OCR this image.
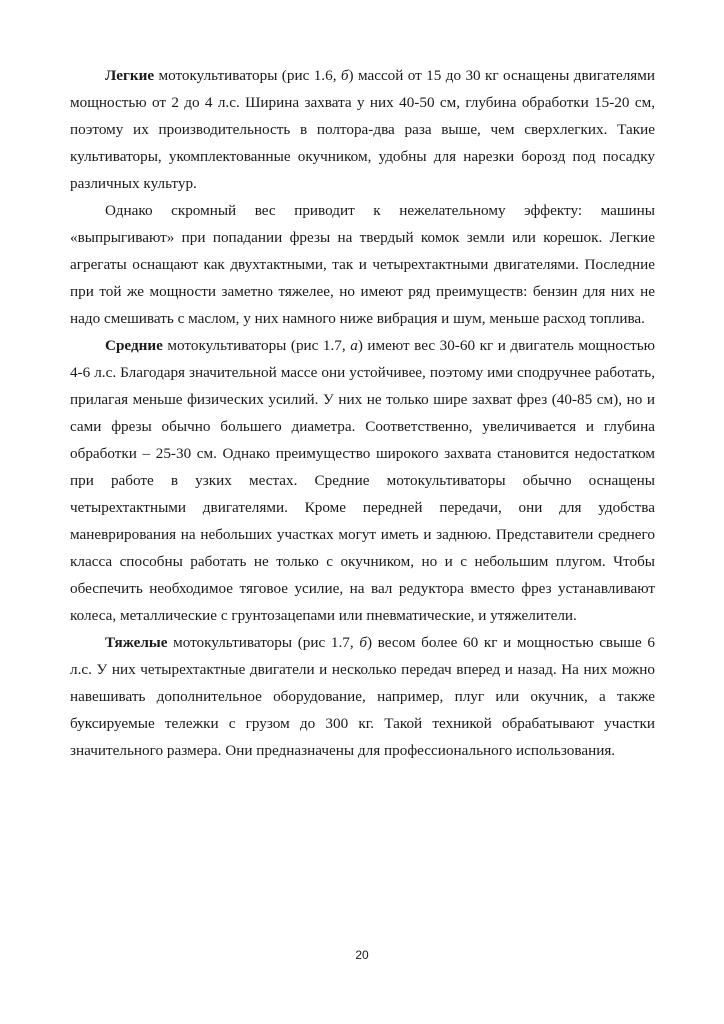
Легкие мотокультиваторы (рис 1.6, б) массой от 15 до 30 кг оснащены двигателями мощностью от 2 до 4 л.с. Ширина захвата у них 40-50 см, глубина обработки 15-20 см, поэтому их производительность в полтора-два раза выше, чем сверхлегких. Такие культиваторы, укомплектованные окучником, удобны для нарезки борозд под посадку различных культур.

Однако скромный вес приводит к нежелательному эффекту: машины «выпрыгивают» при попадании фрезы на твердый комок земли или корешок. Легкие агрегаты оснащают как двухтактными, так и четырехтактными двигателями. Последние при той же мощности заметно тяжелее, но имеют ряд преимуществ: бензин для них не надо смешивать с маслом, у них намного ниже вибрация и шум, меньше расход топлива.

Средние мотокультиваторы (рис 1.7, а) имеют вес 30-60 кг и двигатель мощностью 4-6 л.с. Благодаря значительной массе они устойчивее, поэтому ими сподручнее работать, прилагая меньше физических усилий. У них не только шире захват фрез (40-85 см), но и сами фрезы обычно большего диаметра. Соответственно, увеличивается и глубина обработки – 25-30 см. Однако преимущество широкого захвата становится недостатком при работе в узких местах. Средние мотокультиваторы обычно оснащены четырехтактными двигателями. Кроме передней передачи, они для удобства маневрирования на небольших участках могут иметь и заднюю. Представители среднего класса способны работать не только с окучником, но и с небольшим плугом. Чтобы обеспечить необходимое тяговое усилие, на вал редуктора вместо фрез устанавливают колеса, металлические с грунтозацепами или пневматические, и утяжелители.

Тяжелые мотокультиваторы (рис 1.7, б) весом более 60 кг и мощностью свыше 6 л.с. У них четырехтактные двигатели и несколько передач вперед и назад. На них можно навешивать дополнительное оборудование, например, плуг или окучник, а также буксируемые тележки с грузом до 300 кг. Такой техникой обрабатывают участки значительного размера. Они предназначены для профессионального использования.

20
